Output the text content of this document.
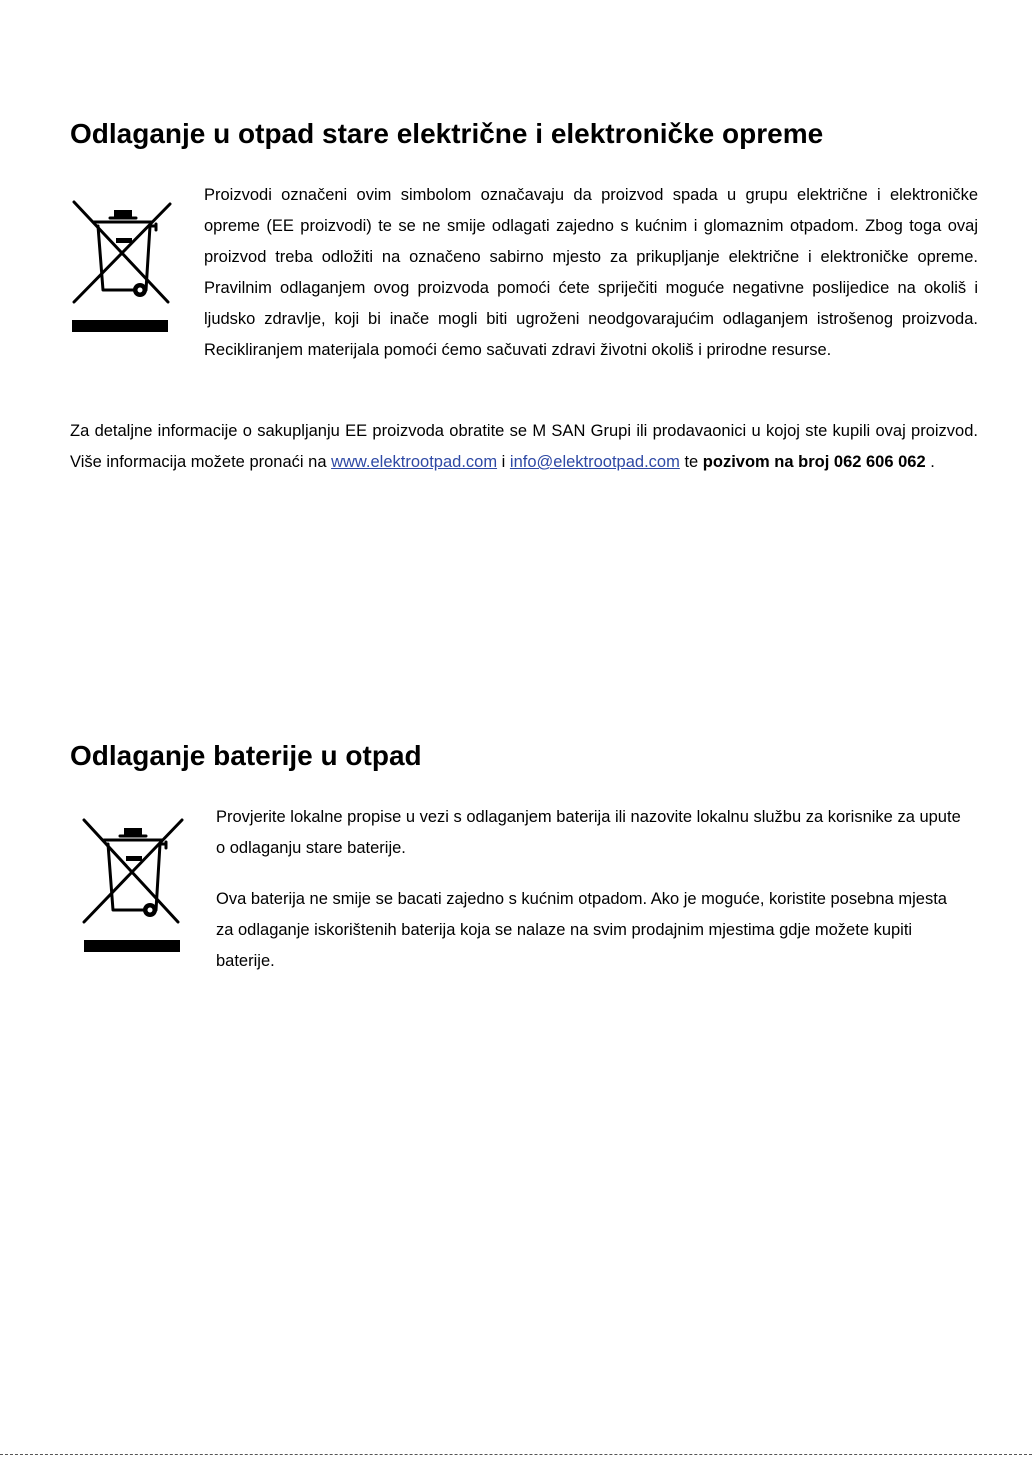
Odlaganje u otpad stare električne i elektroničke opreme

Proizvodi označeni ovim simbolom označavaju da proizvod spada u grupu električne i elektroničke opreme (EE proizvodi) te se ne smije odlagati zajedno s kućnim i glomaznim otpadom. Zbog toga ovaj proizvod treba odložiti na označeno sabirno mjesto za prikupljanje električne i elektroničke opreme. Pravilnim odlaganjem ovog proizvoda pomoći ćete spriječiti moguće negativne poslijedice na okoliš i ljudsko zdravlje, koji bi inače mogli biti ugroženi neodgovarajućim odlaganjem istrošenog proizvoda. Recikliranjem materijala pomoći ćemo sačuvati zdravi životni okoliš i prirodne resurse.

Za detaljne informacije o sakupljanju EE proizvoda obratite se M SAN Grupi ili prodavaonici u kojoj ste kupili ovaj proizvod. Više informacija možete pronaći na www.elektrootpad.com i info@elektrootpad.com te pozivom na broj 062 606 062 .

Odlaganje baterije u otpad

Provjerite lokalne propise u vezi s odlaganjem baterija ili nazovite lokalnu službu za korisnike za upute o odlaganju stare baterije.

Ova baterija ne smije se bacati zajedno s kućnim otpadom. Ako je moguće, koristite posebna mjesta za odlaganje iskorištenih baterija koja se nalaze na svim prodajnim mjestima gdje možete kupiti baterije.
